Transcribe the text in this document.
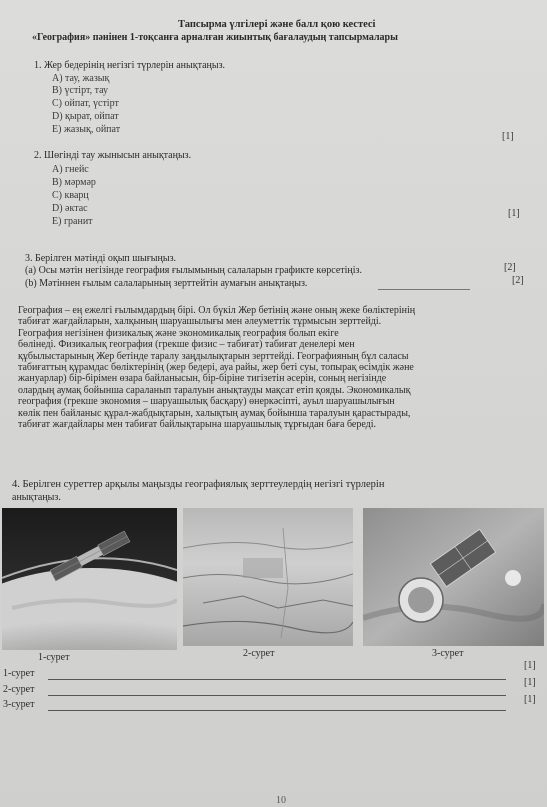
Тапсырма үлгілері және балл қою кестесі
«География» пәнінен 1-тоқсанға арналған жиынтық бағалаудың тапсырмалары
1. Жер бедерінің негізгі түрлерін анықтаңыз.
А) тау, жазық
В) үстірт, тау
С) ойпат, үстірт
D) қырат, ойпат
Е) жазық, ойпат
[1]
2. Шөгінді тау жынысын анықтаңыз.
А) гнейс
В) мәрмәр
С) кварц
D) әктас
Е) гранит
[1]
3. Берілген мәтінді оқып шығыңыз.
(а) Осы мәтін негізінде география ғылымының салаларын графикте көрсетіңіз.	[2]
(b) Мәтіннен ғылым салаларының зерттейтін аумағын анықтаңыз.	[2]
География – ең ежелгі ғылымдардың бірі. Ол бүкіл Жер бетінің және оның жеке бөліктерінің
табиғат жағдайларын, халқының шаруашылығы мен әлеуметтік тұрмысын зерттейді.
География негізінен физикалық және экономикалық география болып екіге
бөлінеді. Физикалық география (грекше физис – табиғат) табиғат денелері мен
құбылыстарының Жер бетінде таралу заңдылықтарын зерттейді. Географияның бұл саласы
табиғаттың құрамдас бөліктерінің (жер бедері, ауа райы, жер беті суы, топырақ өсімдік және
жануарлар) бір-бірімен өзара байланысын, бір-біріне тигізетін әсерін, соның негізінде
олардың аумақ бойынша сараланып таралуын анықтауды мақсат етіп қояды. Экономикалық
география (грекше экономия – шаруашылық басқару) өнеркәсіпті, ауыл шаруашылығын
көлік пен байланыс құрал-жабдықтарын, халықтың аумақ бойынша таралуын қарастырады,
табиғат жағдайлары мен табиғат байлықтарына шаруашылық тұрғыдан баға береді.
4. Берілген суреттер арқылы маңызды географиялық зерттеулердің негізгі түрлерін
анықтаңыз.
1-сурет	2-сурет	3-сурет
1-сурет
[1]
2-сурет
[1]
3-сурет	[1]
10
